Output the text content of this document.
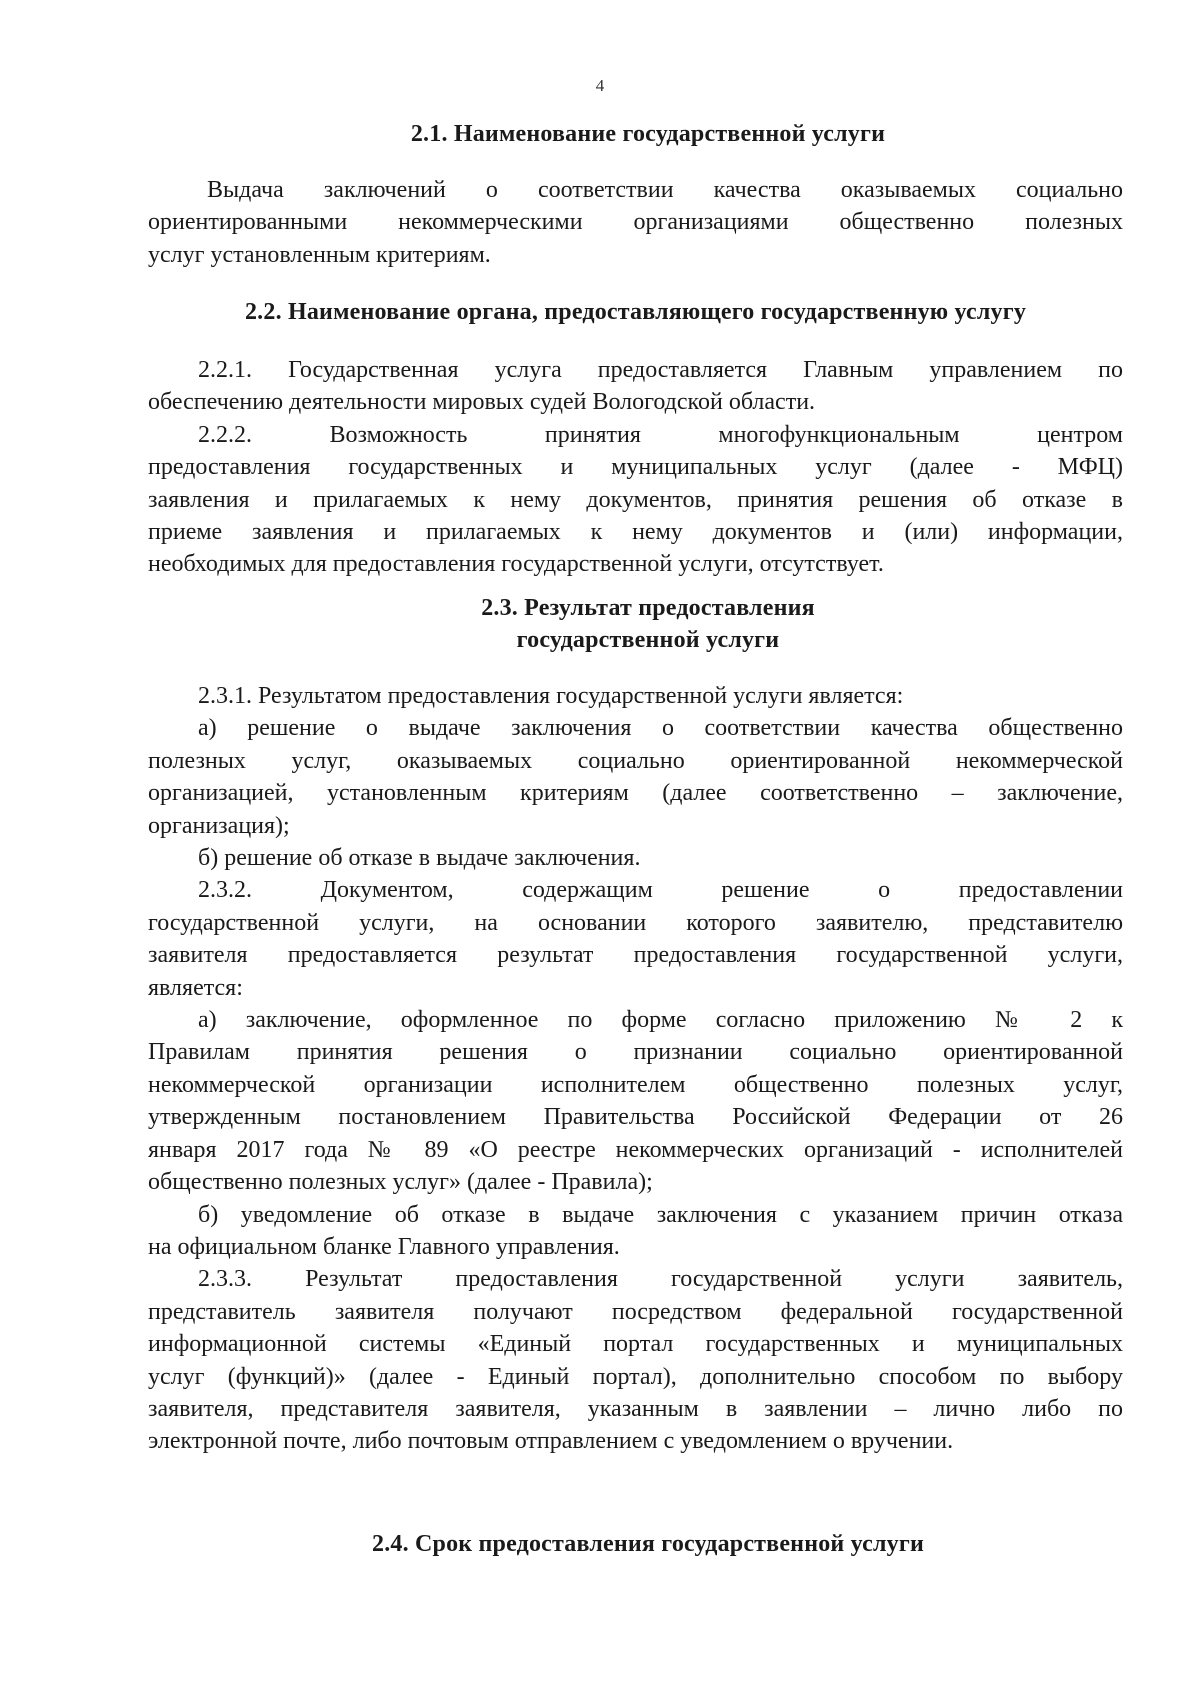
4
2.1. Наименование государственной услуги
Выдача заключений о соответствии качества оказываемых социально
ориентированными некоммерческими организациями общественно полезных
услуг установленным критериям.
2.2. Наименование органа, предоставляющего государственную услугу
2.2.1. Государственная услуга предоставляется Главным управлением по
обеспечению деятельности мировых судей Вологодской области.
2.2.2. Возможность принятия многофункциональным центром
предоставления государственных и муниципальных услуг (далее - МФЦ)
заявления и прилагаемых к нему документов, принятия решения об отказе в
приеме заявления и прилагаемых к нему документов и (или) информации,
необходимых для предоставления государственной услуги, отсутствует.
2.3. Результат предоставления
государственной услуги
2.3.1. Результатом предоставления государственной услуги является:
а) решение о выдаче заключения о соответствии качества общественно
полезных услуг, оказываемых социально ориентированной некоммерческой
организацией, установленным критериям (далее соответственно – заключение,
организация);
б) решение об отказе в выдаче заключения.
2.3.2. Документом, содержащим решение о предоставлении
государственной услуги, на основании которого заявителю, представителю
заявителя предоставляется результат предоставления государственной услуги,
является:
а) заключение, оформленное по форме согласно приложению № 2 к
Правилам принятия решения о признании социально ориентированной
некоммерческой организации исполнителем общественно полезных услуг,
утвержденным постановлением Правительства Российской Федерации от 26
января 2017 года № 89 «О реестре некоммерческих организаций - исполнителей
общественно полезных услуг» (далее - Правила);
б) уведомление об отказе в выдаче заключения с указанием причин отказа
на официальном бланке Главного управления.
2.3.3. Результат предоставления государственной услуги заявитель,
представитель заявителя получают посредством федеральной государственной
информационной системы «Единый портал государственных и муниципальных
услуг (функций)» (далее - Единый портал), дополнительно способом по выбору
заявителя, представителя заявителя, указанным в заявлении – лично либо по
электронной почте, либо почтовым отправлением с уведомлением о вручении.
2.4. Срок предоставления государственной услуги
